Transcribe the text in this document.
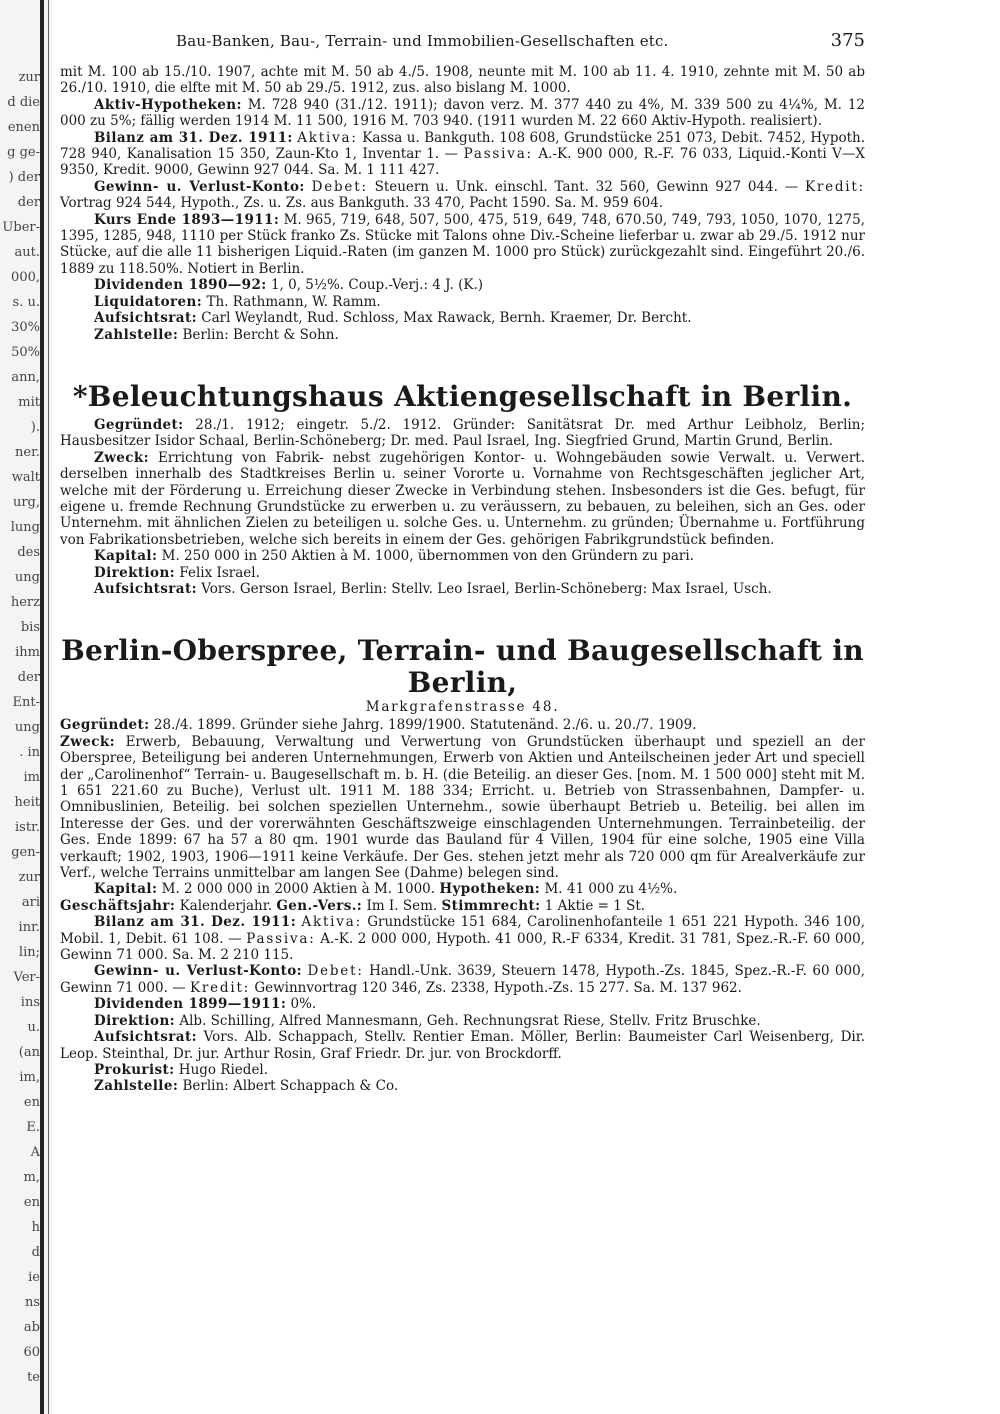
zur
d die
enen
g ge-
) der
der
Über-
aut.
000,
s. u.
30%
50%
ann,
mit
).
ner.
walt
urg,
lung
des
ung
herz
bis
ihm
der
Ent-
ung
. in
im
heit
istr.
gen-
zur
ari
inr.
lin;
Ver-
ins
u.
(an
im,
en
E.
A
m,
en
h
d
ie
ns
ab
60
te
Bau-Banken, Bau-, Terrain- und Immobilien-Gesellschaften etc.	375

mit M. 100 ab 15./10. 1907, achte mit M. 50 ab 4./5. 1908, neunte mit M. 100 ab 11. 4. 1910, zehnte mit M. 50 ab 26./10. 1910, die elfte mit M. 50 ab 29./5. 1912, zus. also bislang M. 1000.

Aktiv-Hypotheken: M. 728 940 (31./12. 1911); davon verz. M. 377 440 zu 4%, M. 339 500 zu 4¼%, M. 12 000 zu 5%; fällig werden 1914 M. 11 500, 1916 M. 703 940. (1911 wurden M. 22 660 Aktiv-Hypoth. realisiert).

Bilanz am 31. Dez. 1911: Aktiva: Kassa u. Bankguth. 108 608, Grundstücke 251 073, Debit. 7452, Hypoth. 728 940, Kanalisation 15 350, Zaun-Kto 1, Inventar 1. — Passiva: A.-K. 900 000, R.-F. 76 033, Liquid.-Konti V—X 9350, Kredit. 9000, Gewinn 927 044. Sa. M. 1 111 427.

Gewinn- u. Verlust-Konto: Debet: Steuern u. Unk. einschl. Tant. 32 560, Gewinn 927 044. — Kredit: Vortrag 924 544, Hypoth., Zs. u. Zs. aus Bankguth. 33 470, Pacht 1590. Sa. M. 959 604.

Kurs Ende 1893—1911: M. 965, 719, 648, 507, 500, 475, 519, 649, 748, 670.50, 749, 793, 1050, 1070, 1275, 1395, 1285, 948, 1110 per Stück franko Zs. Stücke mit Talons ohne Div.-Scheine lieferbar u. zwar ab 29./5. 1912 nur Stücke, auf die alle 11 bisherigen Liquid.-Raten (im ganzen M. 1000 pro Stück) zurückgezahlt sind. Eingeführt 20./6. 1889 zu 118.50%. Notiert in Berlin.

Dividenden 1890—92: 1, 0, 5½%. Coup.-Verj.: 4 J. (K.)

Liquidatoren: Th. Rathmann, W. Ramm.

Aufsichtsrat: Carl Weylandt, Rud. Schloss, Max Rawack, Bernh. Kraemer, Dr. Bercht.

Zahlstelle: Berlin: Bercht & Sohn.

*Beleuchtungshaus Aktiengesellschaft in Berlin.

Gegründet: 28./1. 1912; eingetr. 5./2. 1912. Gründer: Sanitätsrat Dr. med Arthur Leibholz, Berlin; Hausbesitzer Isidor Schaal, Berlin-Schöneberg; Dr. med. Paul Israel, Ing. Siegfried Grund, Martin Grund, Berlin.

Zweck: Errichtung von Fabrik- nebst zugehörigen Kontor- u. Wohngebäuden sowie Verwalt. u. Verwert. derselben innerhalb des Stadtkreises Berlin u. seiner Vororte u. Vornahme von Rechtsgeschäften jeglicher Art, welche mit der Förderung u. Erreichung dieser Zwecke in Verbindung stehen. Insbesonders ist die Ges. befugt, für eigene u. fremde Rechnung Grundstücke zu erwerben u. zu veräussern, zu bebauen, zu beleihen, sich an Ges. oder Unternehm. mit ähnlichen Zielen zu beteiligen u. solche Ges. u. Unternehm. zu gründen; Übernahme u. Fortführung von Fabrikationsbetrieben, welche sich bereits in einem der Ges. gehörigen Fabrikgrundstück befinden.

Kapital: M. 250 000 in 250 Aktien à M. 1000, übernommen von den Gründern zu pari.

Direktion: Felix Israel.

Aufsichtsrat: Vors. Gerson Israel, Berlin: Stellv. Leo Israel, Berlin-Schöneberg: Max Israel, Usch.

Berlin-Oberspree, Terrain- und Baugesellschaft in Berlin,
Markgrafenstrasse 48.

Gegründet: 28./4. 1899. Gründer siehe Jahrg. 1899/1900. Statutenänd. 2./6. u. 20./7. 1909.

Zweck: Erwerb, Bebauung, Verwaltung und Verwertung von Grundstücken überhaupt und speziell an der Oberspree, Beteiligung bei anderen Unternehmungen, Erwerb von Aktien und Anteilscheinen jeder Art und speciell der „Carolinenhof“ Terrain- u. Baugesellschaft m. b. H. (die Beteilig. an dieser Ges. [nom. M. 1 500 000] steht mit M. 1 651 221.60 zu Buche), Verlust ult. 1911 M. 188 334; Erricht. u. Betrieb von Strassenbahnen, Dampfer- u. Omnibuslinien, Beteilig. bei solchen speziellen Unternehm., sowie überhaupt Betrieb u. Beteilig. bei allen im Interesse der Ges. und der vorerwähnten Geschäftszweige einschlagenden Unternehmungen. Terrainbeteilig. der Ges. Ende 1899: 67 ha 57 a 80 qm. 1901 wurde das Bauland für 4 Villen, 1904 für eine solche, 1905 eine Villa verkauft; 1902, 1903, 1906—1911 keine Verkäufe. Der Ges. stehen jetzt mehr als 720 000 qm für Arealverkäufe zur Verf., welche Terrains unmittelbar am langen See (Dahme) belegen sind.

Kapital: M. 2 000 000 in 2000 Aktien à M. 1000. Hypotheken: M. 41 000 zu 4½%.

Geschäftsjahr: Kalenderjahr. Gen.-Vers.: Im I. Sem. Stimmrecht: 1 Aktie = 1 St.

Bilanz am 31. Dez. 1911: Aktiva: Grundstücke 151 684, Carolinenhofanteile 1 651 221 Hypoth. 346 100, Mobil. 1, Debit. 61 108. — Passiva: A.-K. 2 000 000, Hypoth. 41 000, R.-F 6334, Kredit. 31 781, Spez.-R.-F. 60 000, Gewinn 71 000. Sa. M. 2 210 115.

Gewinn- u. Verlust-Konto: Debet: Handl.-Unk. 3639, Steuern 1478, Hypoth.-Zs. 1845, Spez.-R.-F. 60 000, Gewinn 71 000. — Kredit: Gewinnvortrag 120 346, Zs. 2338, Hypoth.-Zs. 15 277. Sa. M. 137 962.

Dividenden 1899—1911: 0%.

Direktion: Alb. Schilling, Alfred Mannesmann, Geh. Rechnungsrat Riese, Stellv. Fritz Bruschke.

Aufsichtsrat: Vors. Alb. Schappach, Stellv. Rentier Eman. Möller, Berlin: Baumeister Carl Weisenberg, Dir. Leop. Steinthal, Dr. jur. Arthur Rosin, Graf Friedr. Dr. jur. von Brockdorff.

Prokurist: Hugo Riedel.

Zahlstelle: Berlin: Albert Schappach & Co.
